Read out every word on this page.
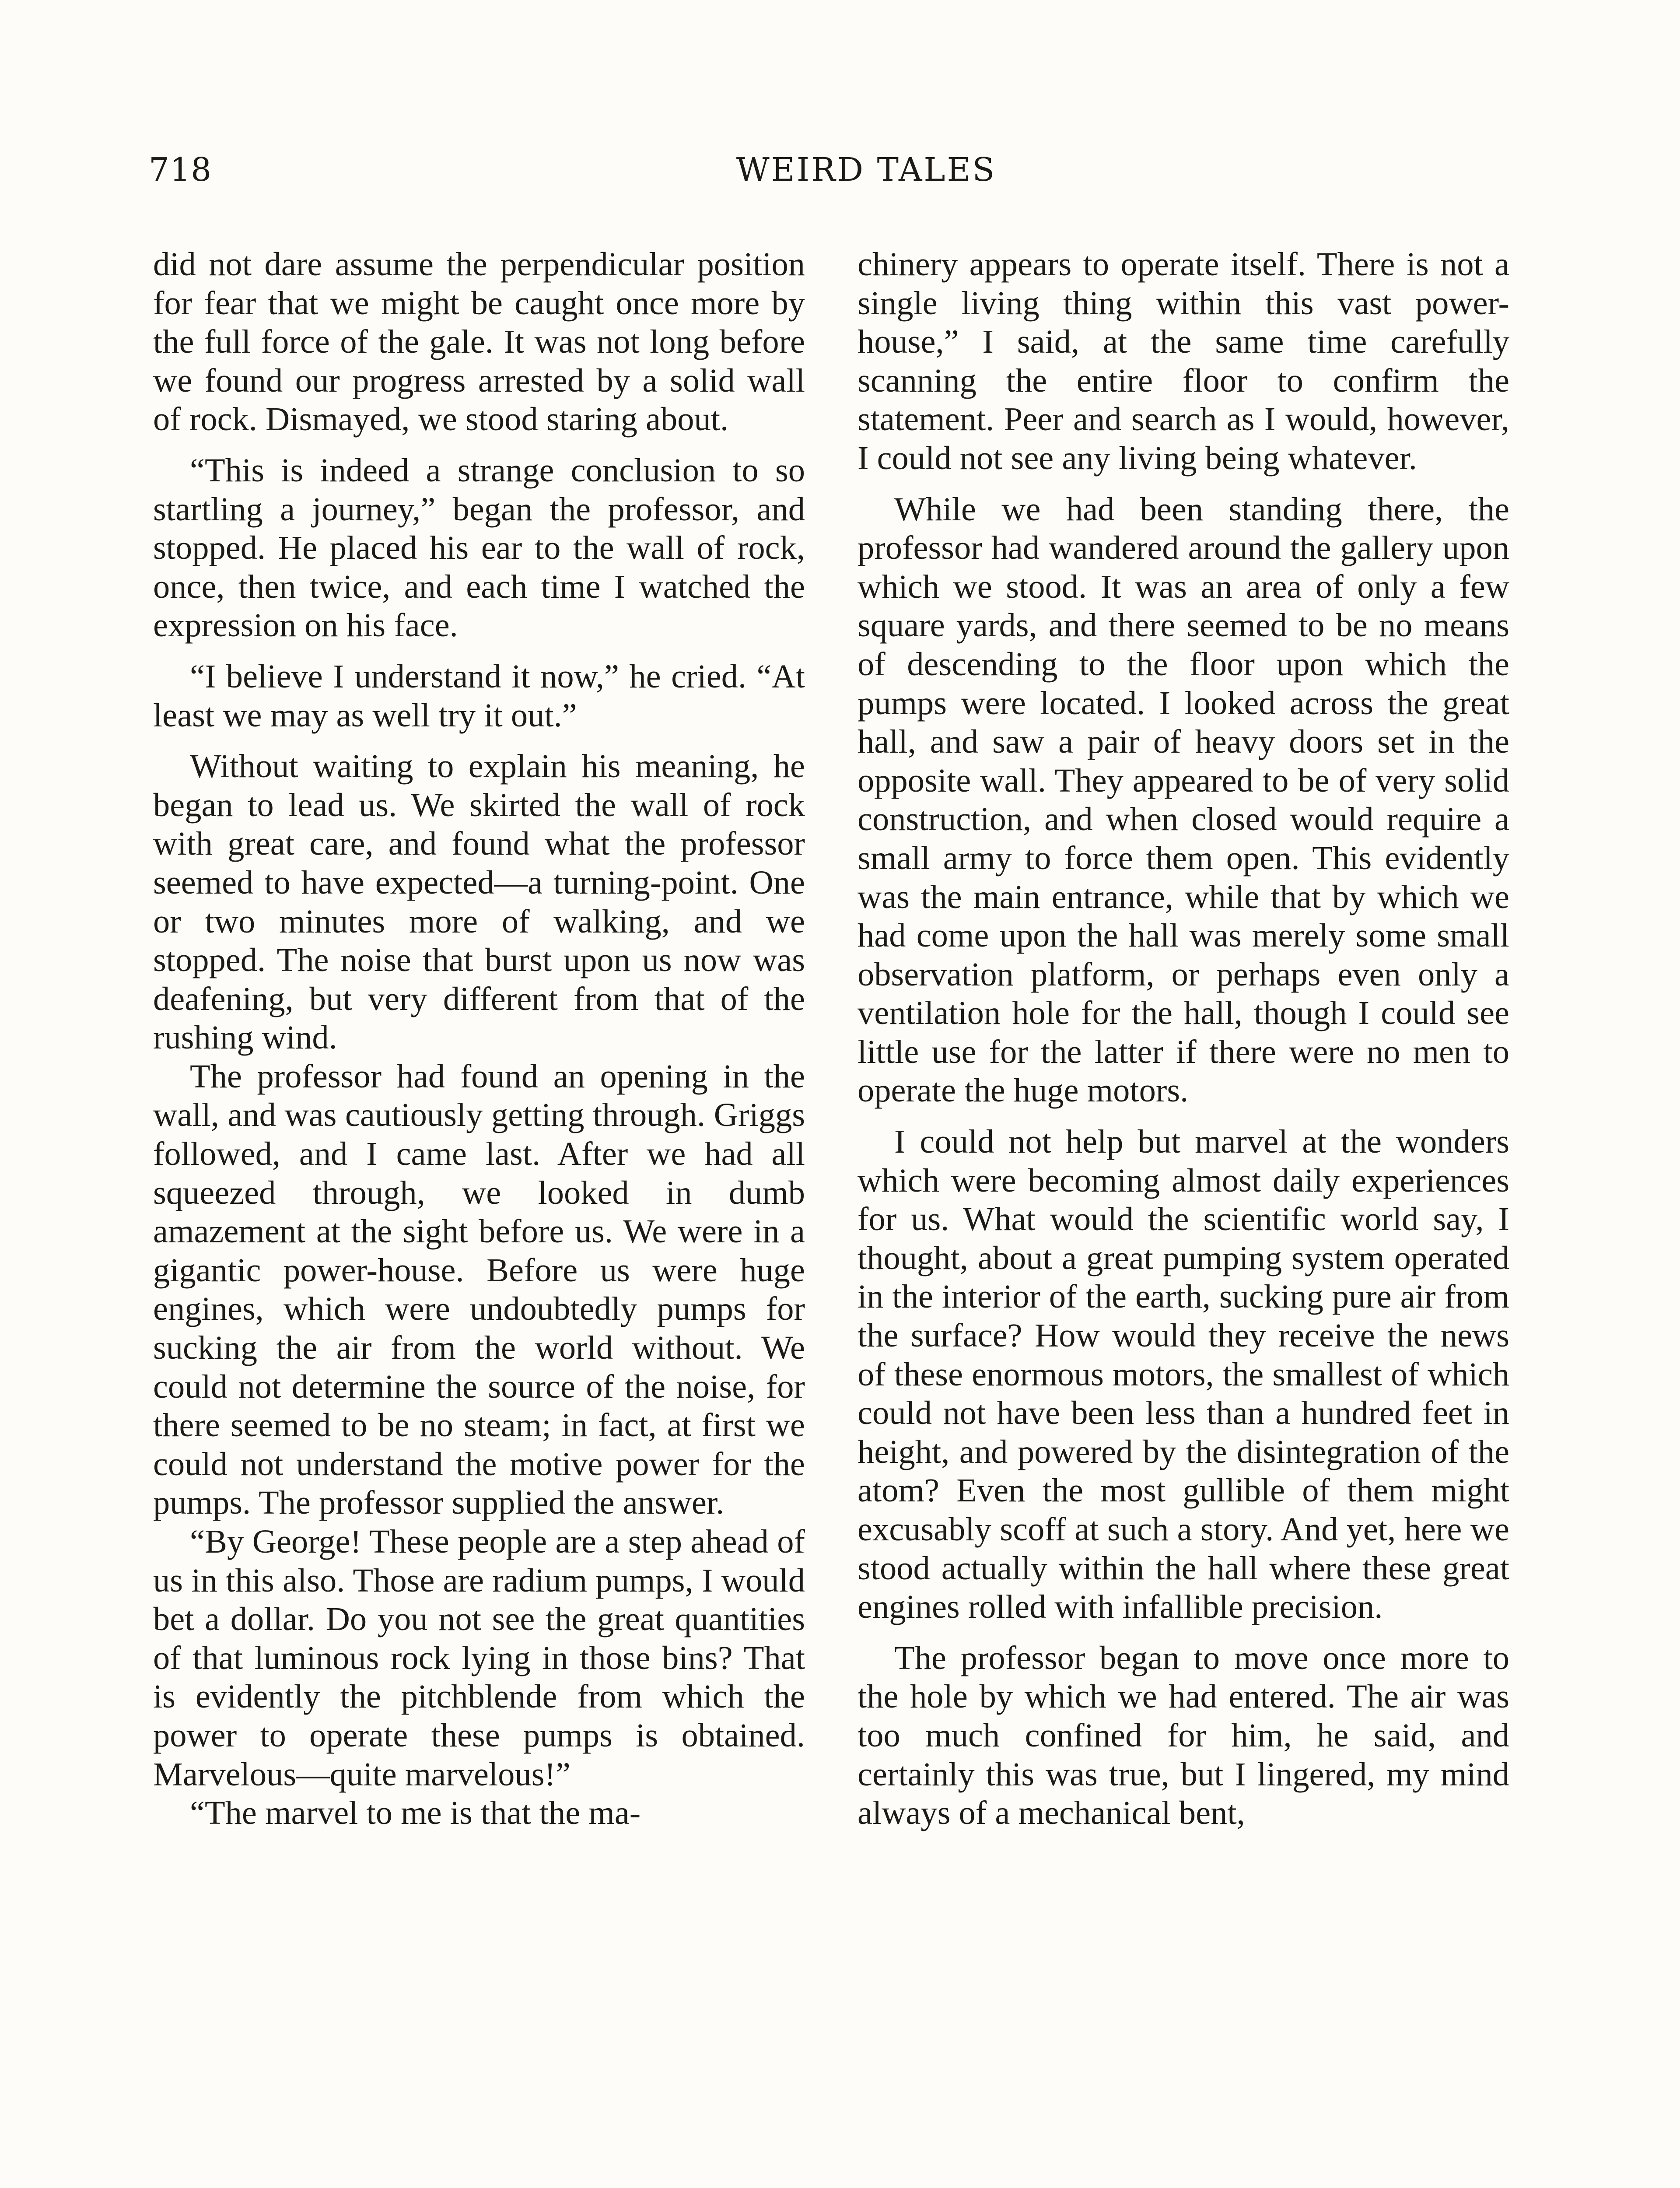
718	WEIRD TALES

did not dare assume the perpendicular position for fear that we might be caught once more by the full force of the gale. It was not long before we found our progress arrested by a solid wall of rock. Dismayed, we stood staring about.

“This is indeed a strange conclusion to so startling a journey,” began the professor, and stopped. He placed his ear to the wall of rock, once, then twice, and each time I watched the expression on his face.

“I believe I understand it now,” he cried. “At least we may as well try it out.”

Without waiting to explain his meaning, he began to lead us. We skirted the wall of rock with great care, and found what the professor seemed to have expected—a turning-point. One or two minutes more of walking, and we stopped. The noise that burst upon us now was deafening, but very different from that of the rushing wind.

The professor had found an opening in the wall, and was cautiously getting through. Griggs followed, and I came last. After we had all squeezed through, we looked in dumb amazement at the sight before us. We were in a gigantic power-house. Before us were huge engines, which were undoubtedly pumps for sucking the air from the world without. We could not determine the source of the noise, for there seemed to be no steam; in fact, at first we could not understand the motive power for the pumps. The professor supplied the answer.

“By George! These people are a step ahead of us in this also. Those are radium pumps, I would bet a dollar. Do you not see the great quantities of that luminous rock lying in those bins? That is evidently the pitchblende from which the power to operate these pumps is obtained. Marvelous—quite marvelous!”

“The marvel to me is that the ma-

chinery appears to operate itself. There is not a single living thing within this vast power-house,” I said, at the same time carefully scanning the entire floor to confirm the statement. Peer and search as I would, however, I could not see any living being whatever.

While we had been standing there, the professor had wandered around the gallery upon which we stood. It was an area of only a few square yards, and there seemed to be no means of descending to the floor upon which the pumps were located. I looked across the great hall, and saw a pair of heavy doors set in the opposite wall. They appeared to be of very solid construction, and when closed would require a small army to force them open. This evidently was the main entrance, while that by which we had come upon the hall was merely some small observation platform, or perhaps even only a ventilation hole for the hall, though I could see little use for the latter if there were no men to operate the huge motors.

I could not help but marvel at the wonders which were becoming almost daily experiences for us. What would the scientific world say, I thought, about a great pumping system operated in the interior of the earth, sucking pure air from the surface? How would they receive the news of these enormous motors, the smallest of which could not have been less than a hundred feet in height, and powered by the disintegration of the atom? Even the most gullible of them might excusably scoff at such a story. And yet, here we stood actually within the hall where these great engines rolled with infallible precision.

The professor began to move once more to the hole by which we had entered. The air was too much confined for him, he said, and certainly this was true, but I lingered, my mind always of a mechanical bent,
